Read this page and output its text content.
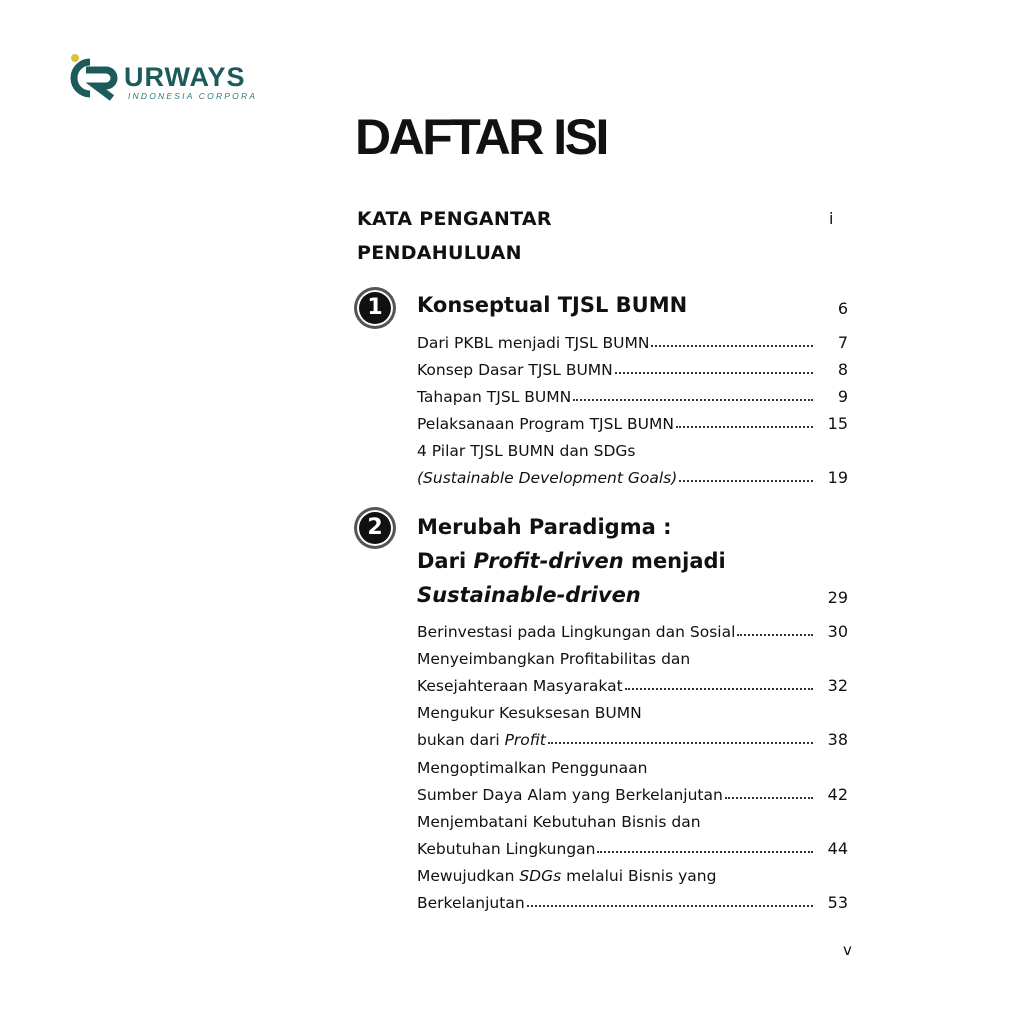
URWAYS
INDONESIA CORPORA
DAFTAR ISI
KATA PENGANTAR	i
PENDAHULUAN
1	Konseptual TJSL BUMN	6
Dari PKBL menjadi TJSL BUMN	7
Konsep Dasar TJSL BUMN	8
Tahapan TJSL BUMN	9
Pelaksanaan Program TJSL BUMN	15
4 Pilar TJSL BUMN dan SDGs
(Sustainable Development Goals)	19
2	Merubah Paradigma :
Dari Profit-driven menjadi
Sustainable-driven	29
Berinvestasi pada Lingkungan dan Sosial	30
Menyeimbangkan Profitabilitas dan
Kesejahteraan Masyarakat	32
Mengukur Kesuksesan BUMN
bukan dari Profit	38
Mengoptimalkan Penggunaan
Sumber Daya Alam yang Berkelanjutan	42
Menjembatani Kebutuhan Bisnis dan
Kebutuhan Lingkungan	44
Mewujudkan SDGs melalui Bisnis yang
Berkelanjutan	53
v
